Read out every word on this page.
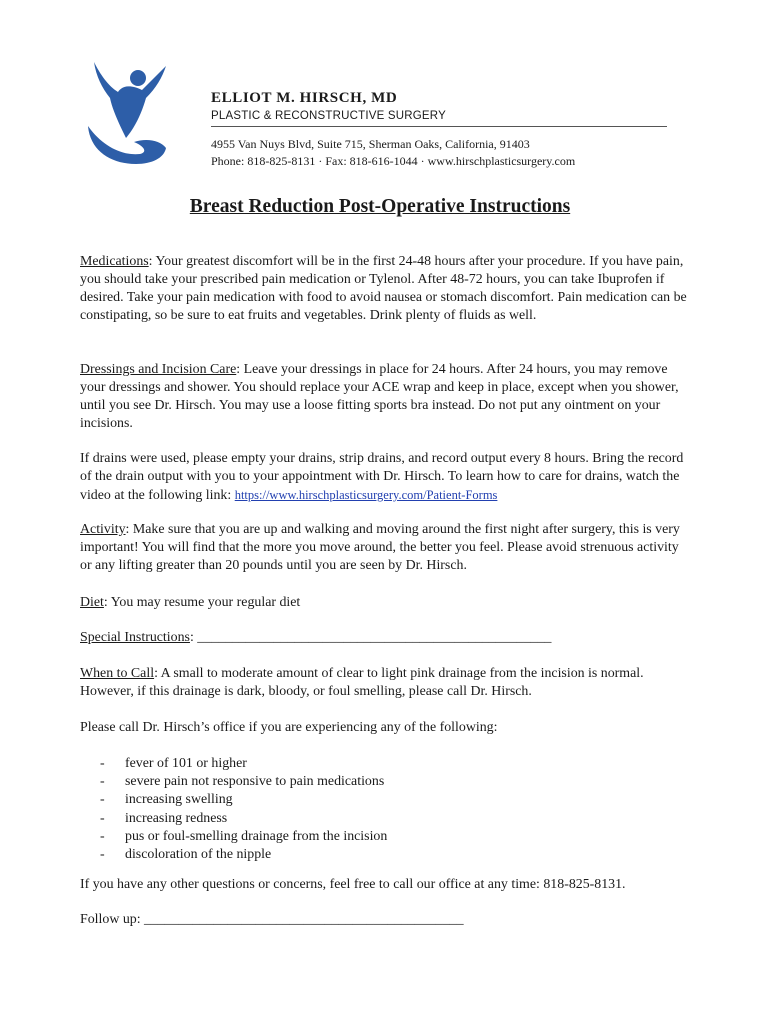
ELLIOT M. HIRSCH, MD
PLASTIC & RECONSTRUCTIVE SURGERY
4955 Van Nuys Blvd, Suite 715, Sherman Oaks, California, 91403
Phone: 818-825-8131 · Fax: 818-616-1044 · www.hirschplasticsurgery.com
Breast Reduction Post-Operative Instructions

Medications: Your greatest discomfort will be in the first 24-48 hours after your procedure. If you have pain, you should take your prescribed pain medication or Tylenol. After 48-72 hours, you can take Ibuprofen if desired. Take your pain medication with food to avoid nausea or stomach discomfort. Pain medication can be constipating, so be sure to eat fruits and vegetables. Drink plenty of fluids as well.

Dressings and Incision Care: Leave your dressings in place for 24 hours. After 24 hours, you may remove your dressings and shower. You should replace your ACE wrap and keep in place, except when you shower, until you see Dr. Hirsch. You may use a loose fitting sports bra instead. Do not put any ointment on your incisions.

If drains were used, please empty your drains, strip drains, and record output every 8 hours. Bring the record of the drain output with you to your appointment with Dr. Hirsch. To learn how to care for drains, watch the video at the following link: https://www.hirschplasticsurgery.com/Patient-Forms

Activity: Make sure that you are up and walking and moving around the first night after surgery, this is very important! You will find that the more you move around, the better you feel. Please avoid strenuous activity or any lifting greater than 20 pounds until you are seen by Dr. Hirsch.

Diet: You may resume your regular diet

Special Instructions: ___________________________________________________

When to Call: A small to moderate amount of clear to light pink drainage from the incision is normal. However, if this drainage is dark, bloody, or foul smelling, please call Dr. Hirsch.

Please call Dr. Hirsch’s office if you are experiencing any of the following:

-	fever of 101 or higher
-	severe pain not responsive to pain medications
-	increasing swelling
-	increasing redness
-	pus or foul-smelling drainage from the incision
-	discoloration of the nipple

If you have any other questions or concerns, feel free to call our office at any time: 818-825-8131.

Follow up: ______________________________________________
